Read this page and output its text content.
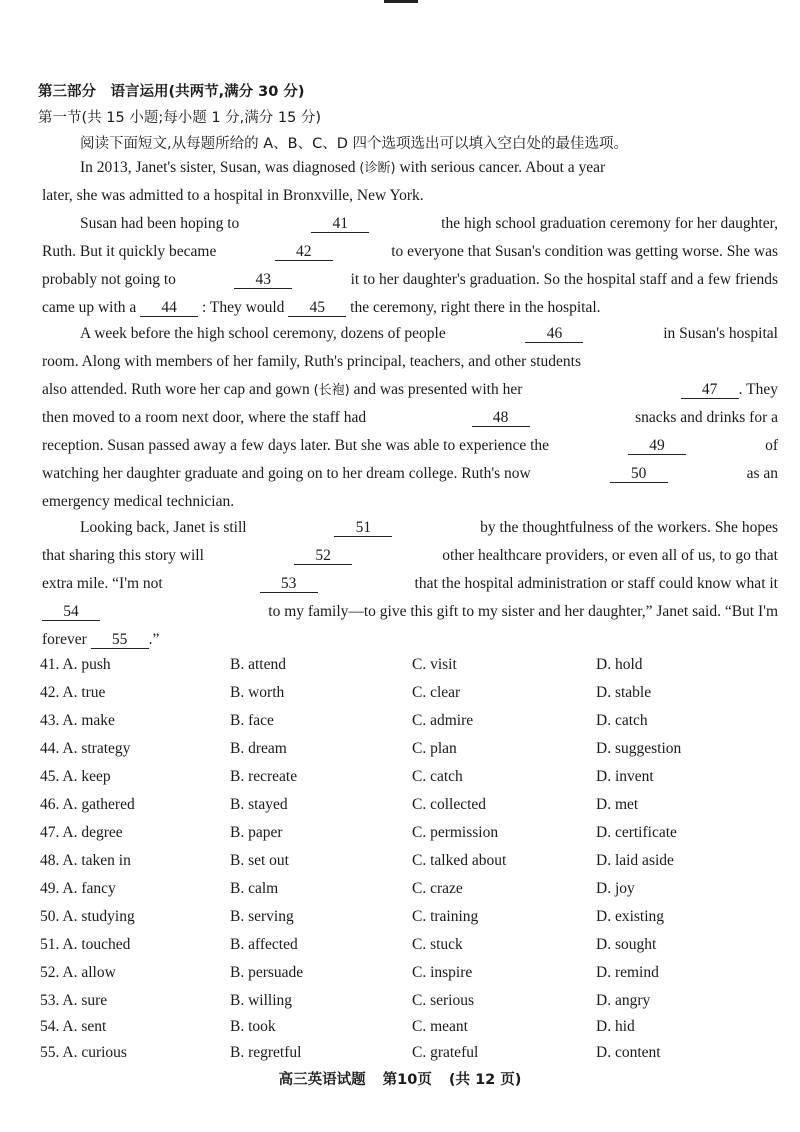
第三部分　语言运用(共两节,满分 30 分)
第一节(共 15 小题;每小题 1 分,满分 15 分)
阅读下面短文,从每题所给的 A、B、C、D 四个选项选出可以填入空白处的最佳选项。
In 2013, Janet's sister, Susan, was diagnosed (诊断) with serious cancer. About a year
later, she was admitted to a hospital in Bronxville, New York.
Susan had been hoping to	41	the high school graduation ceremony for her daughter,
Ruth. But it quickly became	42	to everyone that Susan's condition was getting worse. She was
probably not going to	43	it to her daughter's graduation. So the hospital staff and a few friends
came up with a 44 : They would 45 the ceremony, right there in the hospital.
A week before the high school ceremony, dozens of people	46	in Susan's hospital
room. Along with members of her family, Ruth's principal, teachers, and other students
also attended. Ruth wore her cap and gown (长袍) and was presented with her	47 . They
then moved to a room next door, where the staff had	48	snacks and drinks for a
reception. Susan passed away a few days later. But she was able to experience the	49	of
watching her daughter graduate and going on to her dream college. Ruth's now	50	as an
emergency medical technician.
Looking back, Janet is still	51	by the thoughtfulness of the workers. She hopes
that sharing this story will	52	other healthcare providers, or even all of us, to go that
extra mile. “I'm not	53	that the hospital administration or staff could know what it
54	to my family—to give this gift to my sister and her daughter,” Janet said. “But I'm
forever 55 .”
41. A. push	B. attend	C. visit	D. hold
42. A. true	B. worth	C. clear	D. stable
43. A. make	B. face	C. admire	D. catch
44. A. strategy	B. dream	C. plan	D. suggestion
45. A. keep	B. recreate	C. catch	D. invent
46. A. gathered	B. stayed	C. collected	D. met
47. A. degree	B. paper	C. permission	D. certificate
48. A. taken in	B. set out	C. talked about	D. laid aside
49. A. fancy	B. calm	C. craze	D. joy
50. A. studying	B. serving	C. training	D. existing
51. A. touched	B. affected	C. stuck	D. sought
52. A. allow	B. persuade	C. inspire	D. remind
53. A. sure	B. willing	C. serious	D. angry
54. A. sent	B. took	C. meant	D. hid
55. A. curious	B. regretful	C. grateful	D. content
高三英语试题 第10页 (共 12 页)
